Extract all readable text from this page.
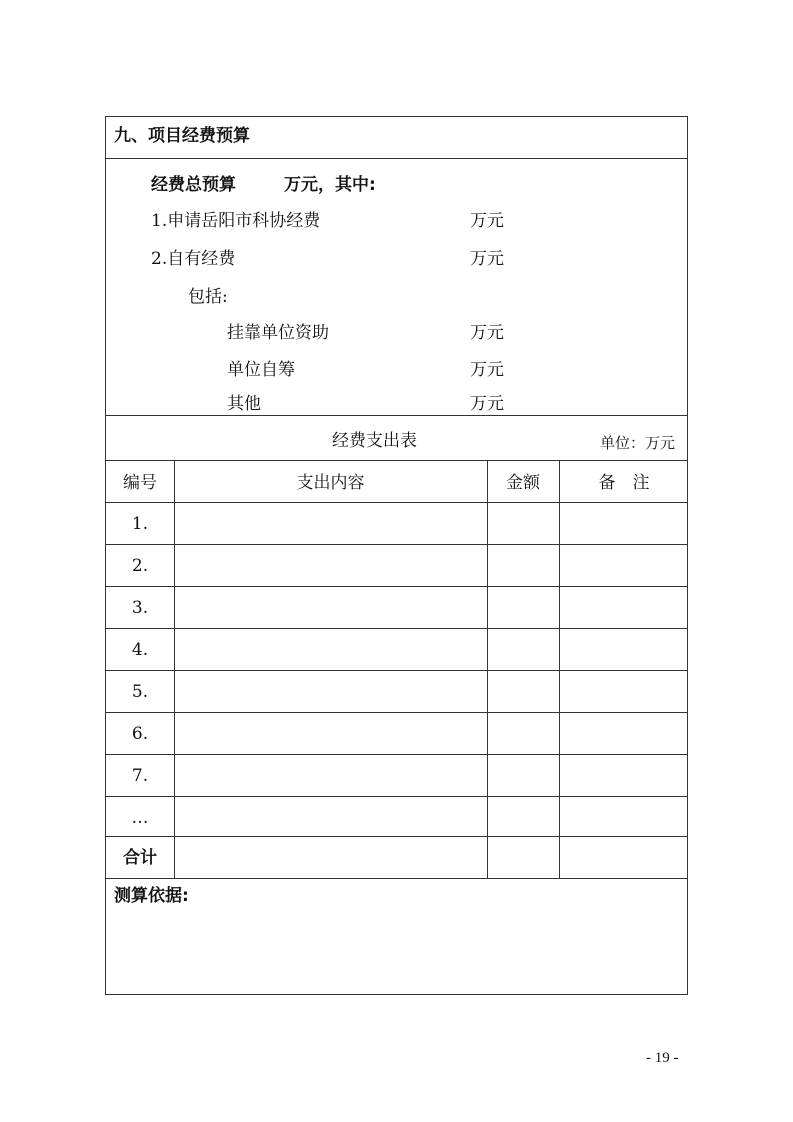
九、项目经费预算
经费总预算	万元，其中:
1.申请岳阳市科协经费	万元
2.自有经费	万元
包括:
挂靠单位资助	万元
单位自筹	万元
其他	万元
经费支出表	单位：万元
编号	支出内容	金额	备　注
1.
2.
3.
4.
5.
6.
7.
…
合计
测算依据:
- 19 -
